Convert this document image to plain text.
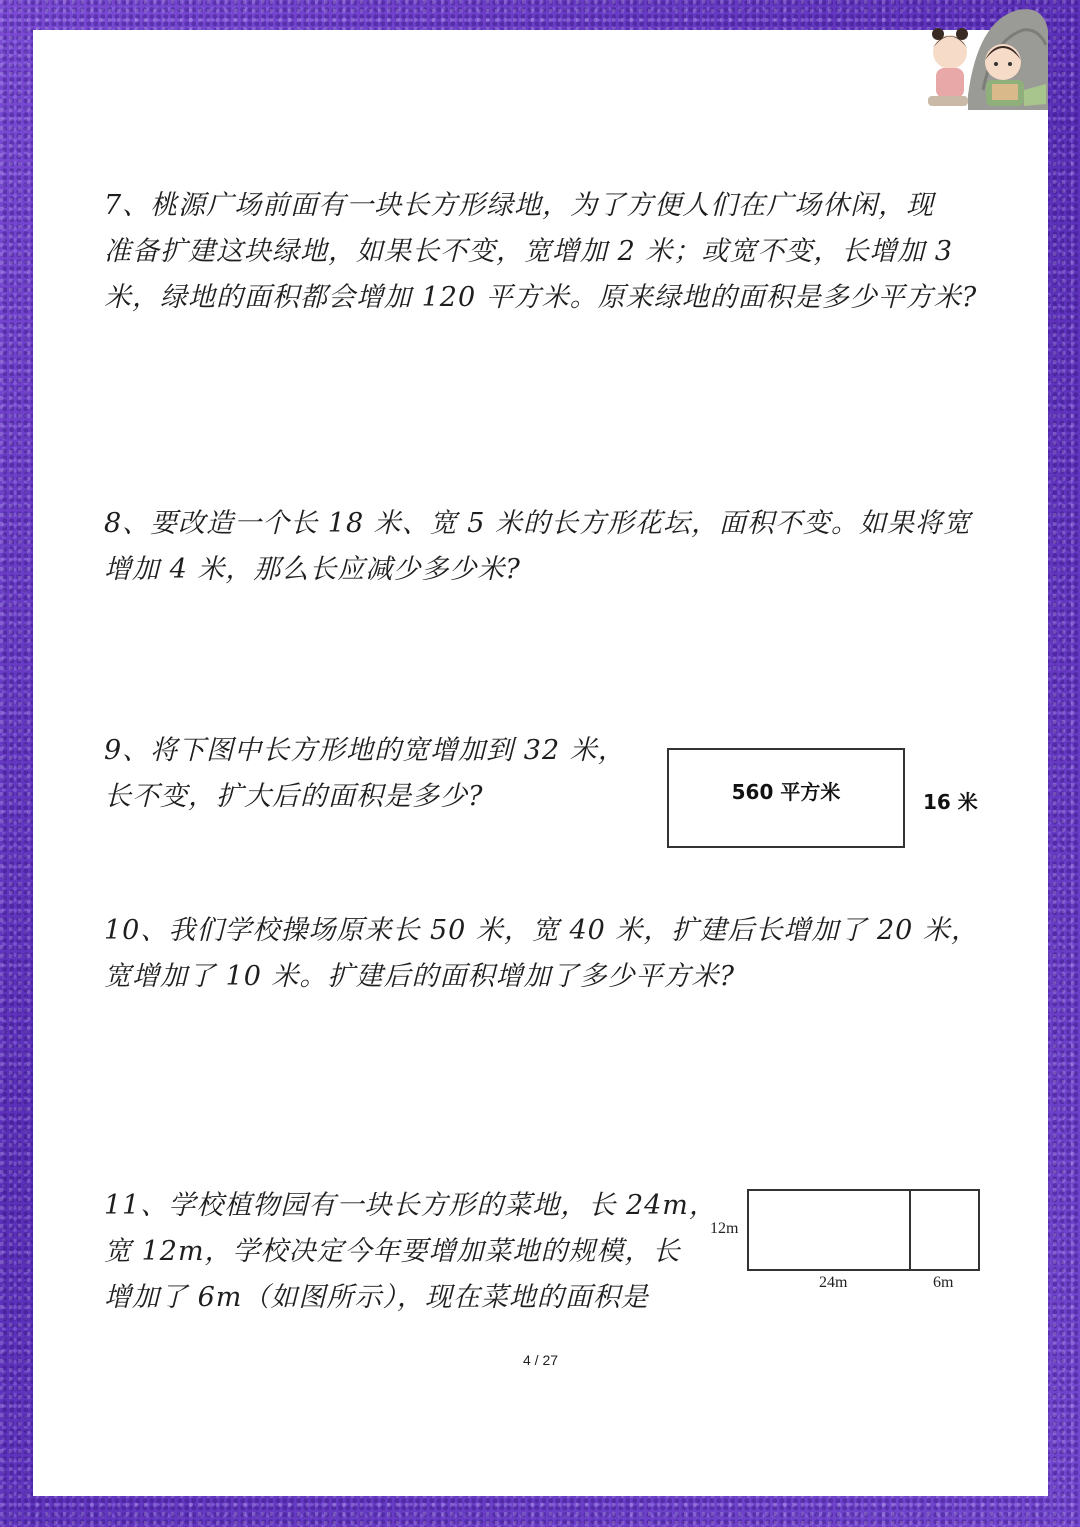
7、桃源广场前面有一块长方形绿地，为了方便人们在广场休闲，现
准备扩建这块绿地，如果长不变，宽增加 2 米；或宽不变，长增加 3
米，绿地的面积都会增加 120 平方米。原来绿地的面积是多少平方米?

8、要改造一个长 18 米、宽 5 米的长方形花坛，面积不变。如果将宽
增加 4 米，那么长应减少多少米?

9、将下图中长方形地的宽增加到 32 米，
长不变，扩大后的面积是多少?	560 平方米	16 米

10、我们学校操场原来长 50 米，宽 40 米，扩建后长增加了 20 米，
宽增加了 10 米。扩建后的面积增加了多少平方米?

11、学校植物园有一块长方形的菜地，长 24m，
宽 12m，学校决定今年要增加菜地的规模，长
增加了 6m（如图所示），现在菜地的面积是

12m
24m	6m
4 / 27
